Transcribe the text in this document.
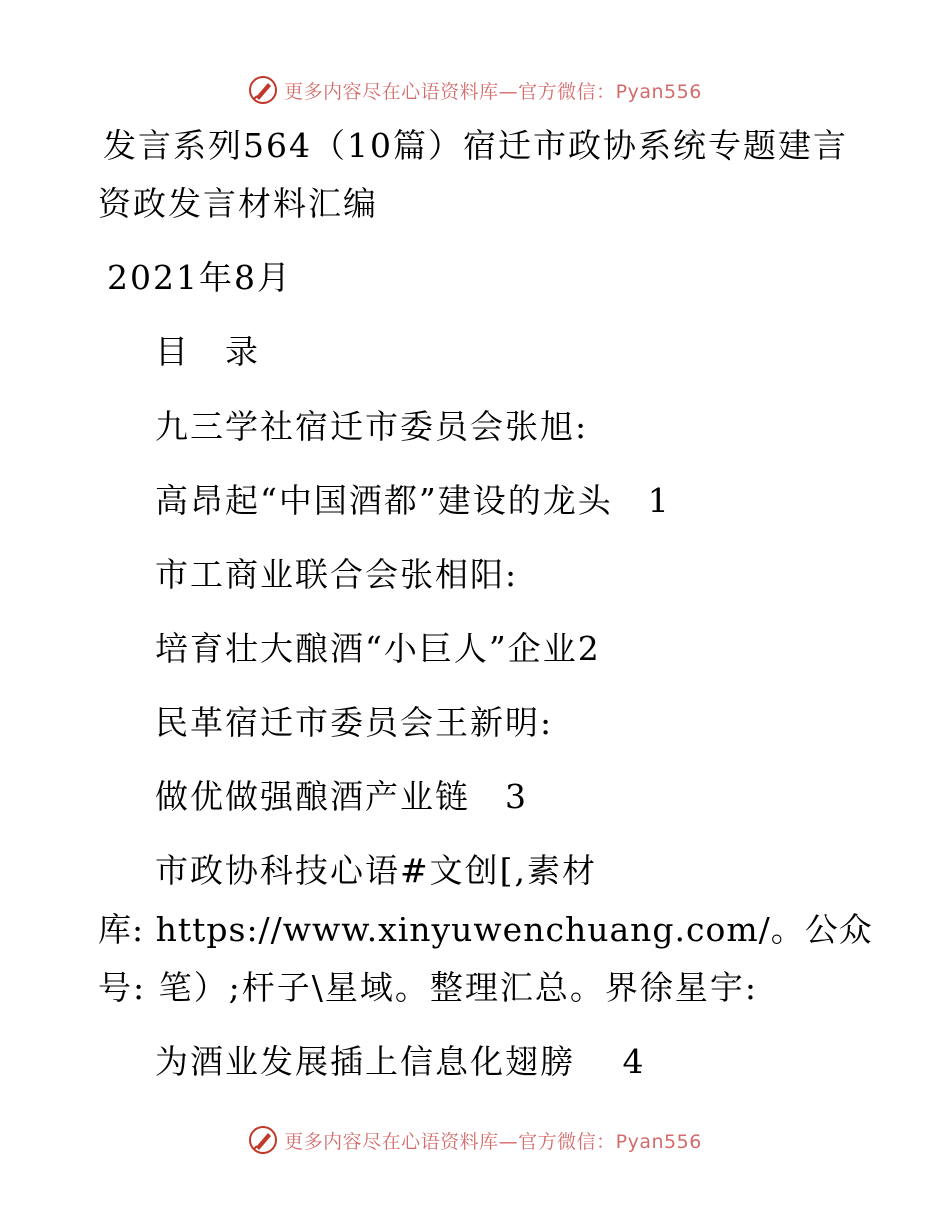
更多内容尽在心语资料库—官方微信：Pyan556
发言系列564（10篇）宿迁市政协系统专题建言
资政发言材料汇编
2021年8月
目　录
九三学社宿迁市委员会张旭:
高昂起“中国酒都”建设的龙头　1
市工商业联合会张相阳:
培育壮大酿酒“小巨人”企业2
民革宿迁市委员会王新明:
做优做强酿酒产业链　3
市政协科技心语#文创[,素材
库: https://www.xinyuwenchuang.com/。公众
号: 笔）;杆子\星域。整理汇总。界徐星宇:
为酒业发展插上信息化翅膀　 4
更多内容尽在心语资料库—官方微信：Pyan556
